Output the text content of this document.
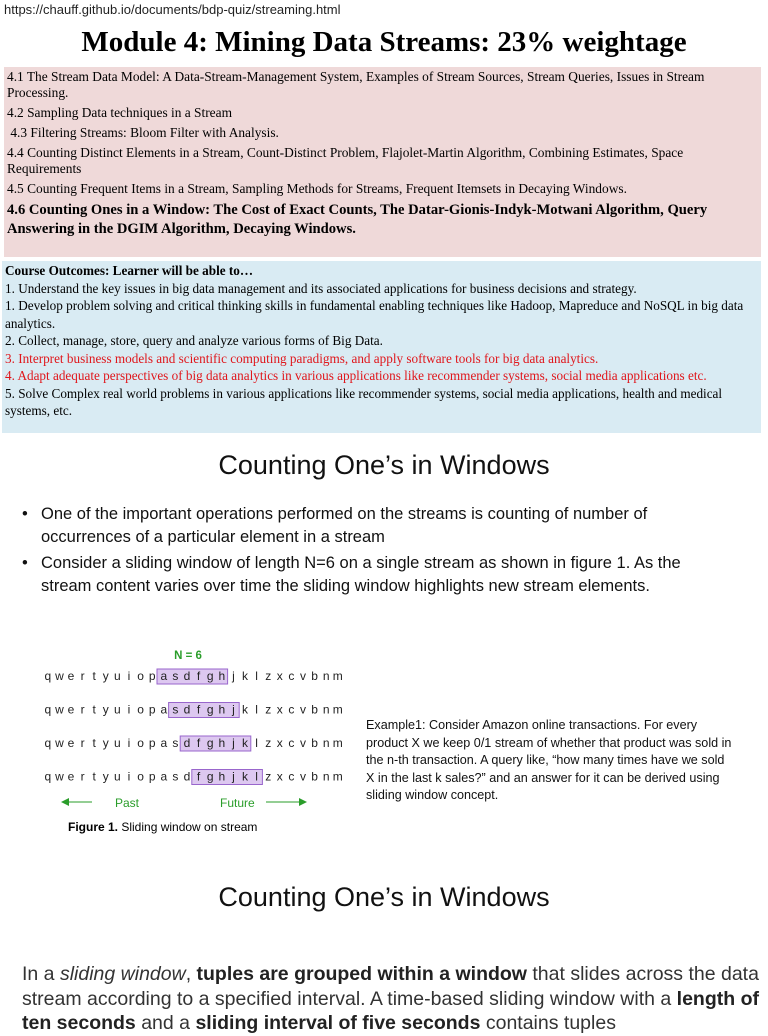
https://chauff.github.io/documents/bdp-quiz/streaming.html
Module 4: Mining Data Streams: 23% weightage
4.1 The Stream Data Model: A Data-Stream-Management System, Examples of Stream Sources, Stream Queries, Issues in Stream Processing.
4.2 Sampling Data techniques in a Stream
4.3 Filtering Streams: Bloom Filter with Analysis.
4.4 Counting Distinct Elements in a Stream, Count-Distinct Problem, Flajolet-Martin Algorithm, Combining Estimates, Space Requirements
4.5 Counting Frequent Items in a Stream, Sampling Methods for Streams, Frequent Itemsets in Decaying Windows.
4.6 Counting Ones in a Window: The Cost of Exact Counts, The Datar-Gionis-Indyk-Motwani Algorithm, Query Answering in the DGIM Algorithm, Decaying Windows.
Course Outcomes: Learner will be able to…
1. Understand the key issues in big data management and its associated applications for business decisions and strategy.
1. Develop problem solving and critical thinking skills in fundamental enabling techniques like Hadoop, Mapreduce and NoSQL in big data analytics.
2. Collect, manage, store, query and analyze various forms of Big Data.
3. Interpret business models and scientific computing paradigms, and apply software tools for big data analytics.
4. Adapt adequate perspectives of big data analytics in various applications like recommender systems, social media applications etc.
5. Solve Complex real world problems in various applications like recommender systems, social media applications, health and medical systems, etc.
Counting One’s in Windows
• One of the important operations performed on the streams is counting of number of occurrences of a particular element in a stream
• Consider a sliding window of length N=6 on a single stream as shown in figure 1. As the stream content varies over time the sliding window highlights new stream elements.
N = 6
q w e r t y u i o p a s d f g h j k l z x c v b n m
q w e r t y u i o p a s d f g h j k l z x c v b n m
q w e r t y u i o p a s d f g h j k l z x c v b n m
q w e r t y u i o p a s d f g h j k l z x c v b n m
Past	Future
Figure 1. Sliding window on stream
Example1: Consider Amazon online transactions. For every product X we keep 0/1 stream of whether that product was sold in the n-th transaction. A query like, “how many times have we sold X in the last k sales?” and an answer for it can be derived using sliding window concept.
Counting One’s in Windows
In a sliding window, tuples are grouped within a window that slides across the data stream according to a specified interval. A time-based sliding window with a length of ten seconds and a sliding interval of five seconds contains tuples
